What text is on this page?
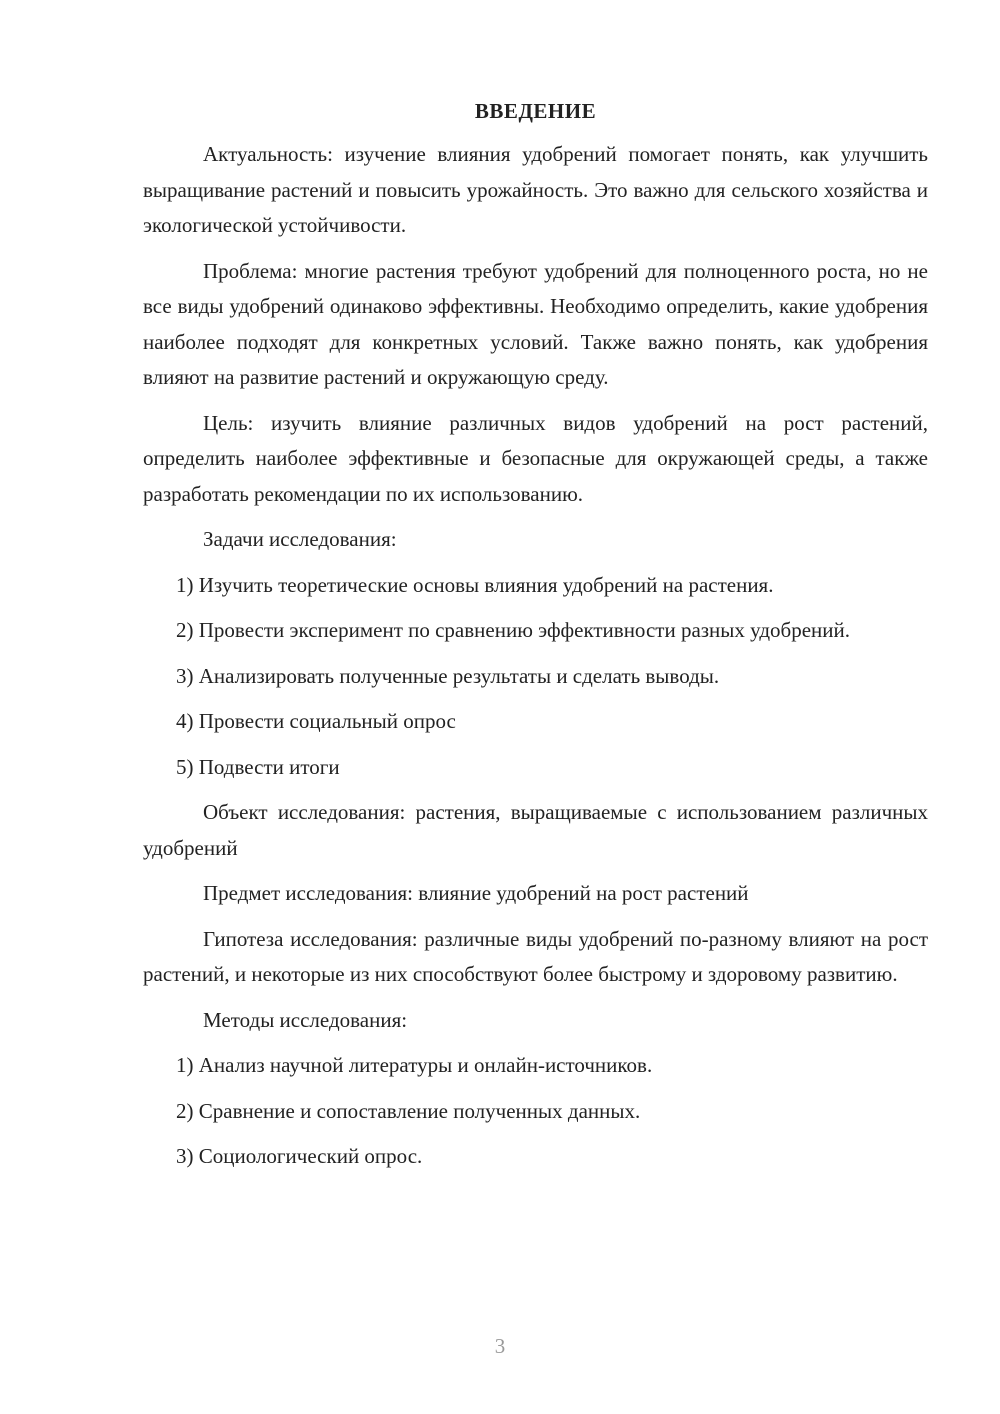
ВВЕДЕНИЕ

Актуальность: изучение влияния удобрений помогает понять, как улучшить выращивание растений и повысить урожайность. Это важно для сельского хозяйства и экологической устойчивости.

Проблема: многие растения требуют удобрений для полноценного роста, но не все виды удобрений одинаково эффективны. Необходимо определить, какие удобрения наиболее подходят для конкретных условий. Также важно понять, как удобрения влияют на развитие растений и окружающую среду.

Цель: изучить влияние различных видов удобрений на рост растений, определить наиболее эффективные и безопасные для окружающей среды, а также разработать рекомендации по их использованию.

Задачи исследования:

1) Изучить теоретические основы влияния удобрений на растения.

2) Провести эксперимент по сравнению эффективности разных удобрений.

3) Анализировать полученные результаты и сделать выводы.

4) Провести социальный опрос

5) Подвести итоги

Объект исследования: растения, выращиваемые с использованием различных удобрений

Предмет исследования: влияние удобрений на рост растений

Гипотеза исследования: различные виды удобрений по-разному влияют на рост растений, и некоторые из них способствуют более быстрому и здоровому развитию.

Методы исследования:

1) Анализ научной литературы и онлайн-источников.

2) Сравнение и сопоставление полученных данных.

3) Социологический опрос.

3
